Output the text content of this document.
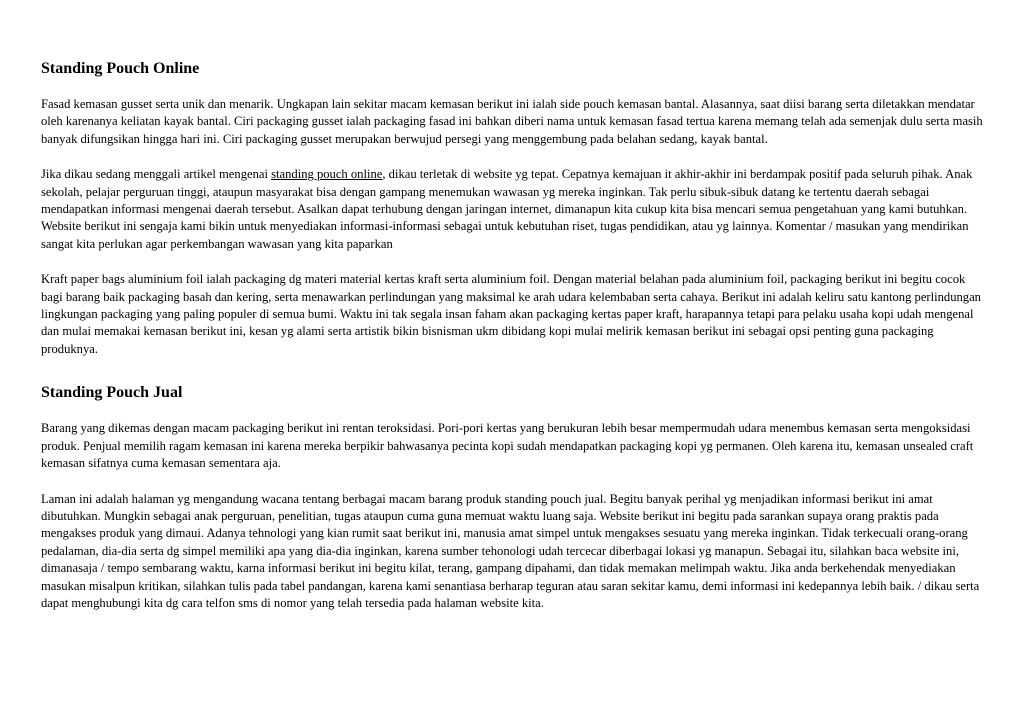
Standing Pouch Online

Fasad kemasan gusset serta unik dan menarik. Ungkapan lain sekitar macam kemasan berikut ini ialah side pouch kemasan bantal. Alasannya, saat diisi barang serta diletakkan mendatar oleh karenanya keliatan kayak bantal. Ciri packaging gusset ialah packaging fasad ini bahkan diberi nama untuk kemasan fasad tertua karena memang telah ada semenjak dulu serta masih banyak difungsikan hingga hari ini. Ciri packaging gusset merupakan berwujud persegi yang menggembung pada belahan sedang, kayak bantal.

Jika dikau sedang menggali artikel mengenai standing pouch online, dikau terletak di website yg tepat. Cepatnya kemajuan it akhir-akhir ini berdampak positif pada seluruh pihak. Anak sekolah, pelajar perguruan tinggi, ataupun masyarakat bisa dengan gampang menemukan wawasan yg mereka inginkan. Tak perlu sibuk-sibuk datang ke tertentu daerah sebagai mendapatkan informasi mengenai daerah tersebut. Asalkan dapat terhubung dengan jaringan internet, dimanapun kita cukup kita bisa mencari semua pengetahuan yang kami butuhkan. Website berikut ini sengaja kami bikin untuk menyediakan informasi-informasi sebagai untuk kebutuhan riset, tugas pendidikan, atau yg lainnya. Komentar / masukan yang mendirikan sangat kita perlukan agar perkembangan wawasan yang kita paparkan

Kraft paper bags aluminium foil ialah packaging dg materi material kertas kraft serta aluminium foil. Dengan material belahan pada aluminium foil, packaging berikut ini begitu cocok bagi barang baik packaging basah dan kering, serta menawarkan perlindungan yang maksimal ke arah udara kelembaban serta cahaya. Berikut ini adalah keliru satu kantong perlindungan lingkungan packaging yang paling populer di semua bumi. Waktu ini tak segala insan faham akan packaging kertas paper kraft, harapannya tetapi para pelaku usaha kopi udah mengenal dan mulai memakai kemasan berikut ini, kesan yg alami serta artistik bikin bisnisman ukm dibidang kopi mulai melirik kemasan berikut ini sebagai opsi penting guna packaging produknya.

Standing Pouch Jual

Barang yang dikemas dengan macam packaging berikut ini rentan teroksidasi. Pori-pori kertas yang berukuran lebih besar mempermudah udara menembus kemasan serta mengoksidasi produk. Penjual memilih ragam kemasan ini karena mereka berpikir bahwasanya pecinta kopi sudah mendapatkan packaging kopi yg permanen. Oleh karena itu, kemasan unsealed craft kemasan sifatnya cuma kemasan sementara aja.

Laman ini adalah halaman yg mengandung wacana tentang berbagai macam barang produk standing pouch jual. Begitu banyak perihal yg menjadikan informasi berikut ini amat dibutuhkan. Mungkin sebagai anak perguruan, penelitian, tugas ataupun cuma guna memuat waktu luang saja. Website berikut ini begitu pada sarankan supaya orang praktis pada mengakses produk yang dimaui. Adanya tehnologi yang kian rumit saat berikut ini, manusia amat simpel untuk mengakses sesuatu yang mereka inginkan. Tidak terkecuali orang-orang pedalaman, dia-dia serta dg simpel memiliki apa yang dia-dia inginkan, karena sumber tehonologi udah tercecar diberbagai lokasi yg manapun. Sebagai itu, silahkan baca website ini, dimanasaja / tempo sembarang waktu, karna informasi berikut ini begitu kilat, terang, gampang dipahami, dan tidak memakan melimpah waktu. Jika anda berkehendak menyediakan masukan misalpun kritikan, silahkan tulis pada tabel pandangan, karena kami senantiasa berharap teguran atau saran sekitar kamu, demi informasi ini kedepannya lebih baik. / dikau serta dapat menghubungi kita dg cara telfon sms di nomor yang telah tersedia pada halaman website kita.
